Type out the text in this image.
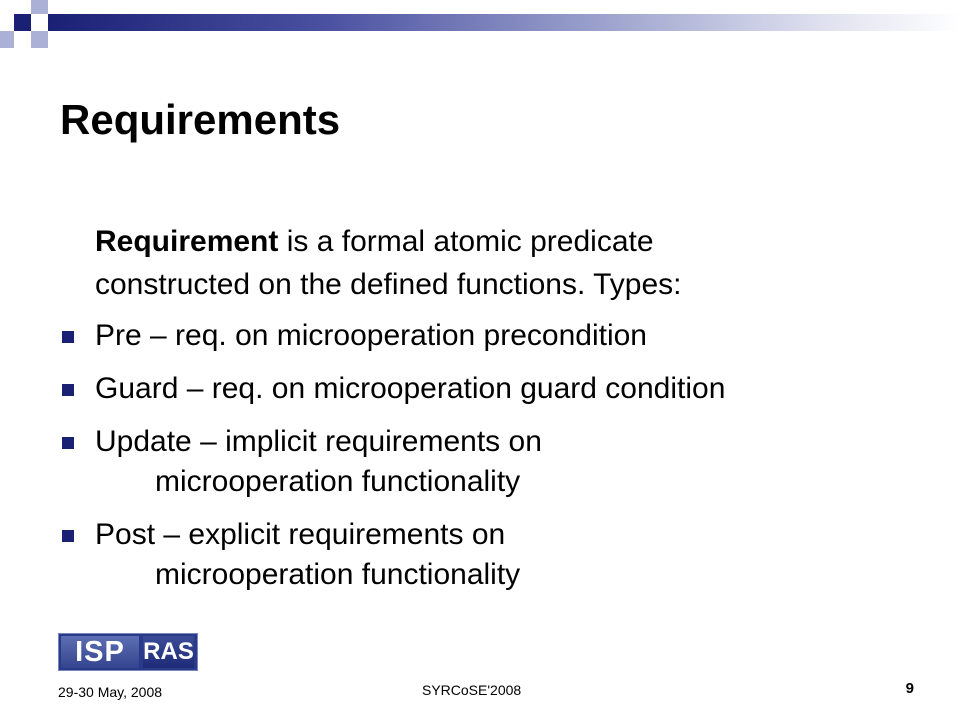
Requirements
Requirement is a formal atomic predicate
constructed on the defined functions. Types:
Pre – req. on microoperation precondition
Guard – req. on microoperation guard condition
Update – implicit requirements on
microoperation functionality
Post – explicit requirements on
microoperation functionality
ISP RAS
29-30 May, 2008	SYRCoSE'2008	9
